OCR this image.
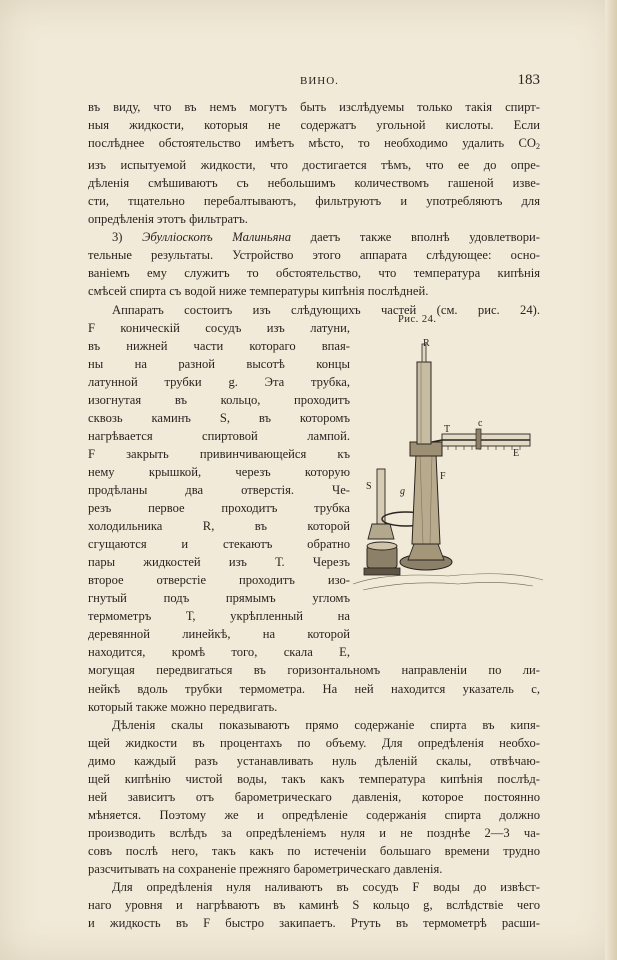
ВИНО.	183
въ виду, что въ немъ могутъ быть изслѣдуемы только такія спирт-
ныя жидкости, которыя не содержатъ угольной кислоты. Если
послѣднее обстоятельство имѣетъ мѣсто, то необходимо удалить $CO_2$
изъ испытуемой жидкости, что достигается тѣмъ, что ее до опре-
дѣленія смѣшиваютъ съ небольшимъ количествомъ гашеной изве-
сти, тщательно перебалтываютъ, фильтруютъ и употребляютъ для
опредѣленія этотъ фильтратъ.
3) Эбулліоскопъ Малиньяна даетъ также вполнѣ удовлетвори-
тельные результаты. Устройство этого аппарата слѣдующее: осно-
ваніемъ ему служитъ то обстоятельство, что температура кипѣнія
смѣсей спирта съ водой ниже температуры кипѣнія послѣдней.
Аппаратъ состоитъ изъ слѣдующихъ частей (см. рис. 24).
F коническій сосудъ изъ латуни,
въ нижней части котораго впая-
ны на разной высотѣ концы
латунной трубки g. Эта трубка,
изогнутая въ кольцо, проходитъ
сквозь каминъ S, въ которомъ
нагрѣвается спиртовой лампой.
F закрыть привинчивающейся къ
нему крышкой, черезъ которую
продѣланы два отверстія. Че-
резъ первое проходитъ трубка
холодильника R, въ которой
сгущаются и стекаютъ обратно
пары жидкостей изъ Т. Черезъ
второе отверстіе проходитъ изо-
гнутый подъ прямымъ угломъ
термометръ Т, укрѣпленный на
деревянной линейкѣ, на которой
находится, кромѣ того, скала E,
могущая передвигаться въ горизонтальномъ направленіи по ли-
нейкѣ вдоль трубки термометра. На ней находится указатель c,
который также можно передвигать.
Дѣленія скалы показываютъ прямо содержаніе спирта въ кипя-
щей жидкости въ процентахъ по объему. Для опредѣленія необхо-
димо каждый разъ устанавливать нуль дѣленій скалы, отвѣчаю-
щей кипѣнію чистой воды, такъ какъ температура кипѣнія послѣд-
ней зависитъ отъ барометрическаго давленія, которое постоянно
мѣняется. Поэтому же и опредѣленіе содержанія спирта должно
производить вслѣдъ за опредѣленіемъ нуля и не позднѣе 2—3 ча-
совъ послѣ него, такъ какъ по истеченіи большаго времени трудно
разсчитывать на сохраненіе прежняго барометрическаго давленія.
Для опредѣленія нуля наливаютъ въ сосудъ F воды до извѣст-
наго уровня и нагрѣваютъ въ каминѣ S кольцо g, вслѣдствіе чего
и жидкость въ F быстро закипаетъ. Ртуть въ термометрѣ расши-
Рис. 24.
R
T
c
E
F
S	g
